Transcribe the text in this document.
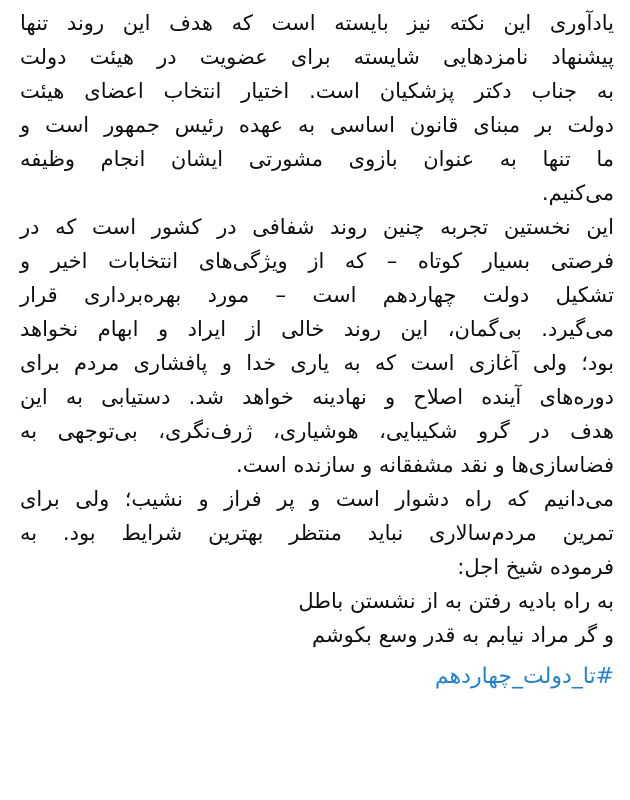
یادآوری این نکته نیز بایسته است که هدف این روند تنها
پیشنهاد نامزدهایی شایسته برای عضویت در هیئت دولت
به جناب دکتر پزشکیان است. اختیار انتخاب اعضای هیئت
دولت بر مبنای قانون اساسی به عهده رئیس جمهور است و
ما تنها به عنوان بازوی مشورتی ایشان انجام وظیفه
می‌کنیم.
این نخستین تجربه چنین روند شفافی در کشور است که در
فرصتی بسیار کوتاه – که از ویژگی‌های انتخابات اخیر و
تشکیل دولت چهاردهم است – مورد بهره‌برداری قرار
می‌گیرد. بی‌گمان، این روند خالی از ایراد و ابهام نخواهد
بود؛ ولی آغازی است که به یاری خدا و پافشاری مردم برای
دوره‌های آینده اصلاح و نهادینه خواهد شد. دستیابی به این
هدف در گرو شکیبایی، هوشیاری، ژرف‌نگری، بی‌توجهی به
فضاسازی‌ها و نقد مشفقانه و سازنده است.
می‌دانیم که راه دشوار است و پر فراز و نشیب؛ ولی برای
تمرین مردم‌سالاری نباید منتظر بهترین شرایط بود. به
فرموده شیخ اجل:
به راه بادیه رفتن به از نشستن باطل
و گر مراد نیابم به قدر وسع بکوشم
#تا_دولت_چهاردهم
